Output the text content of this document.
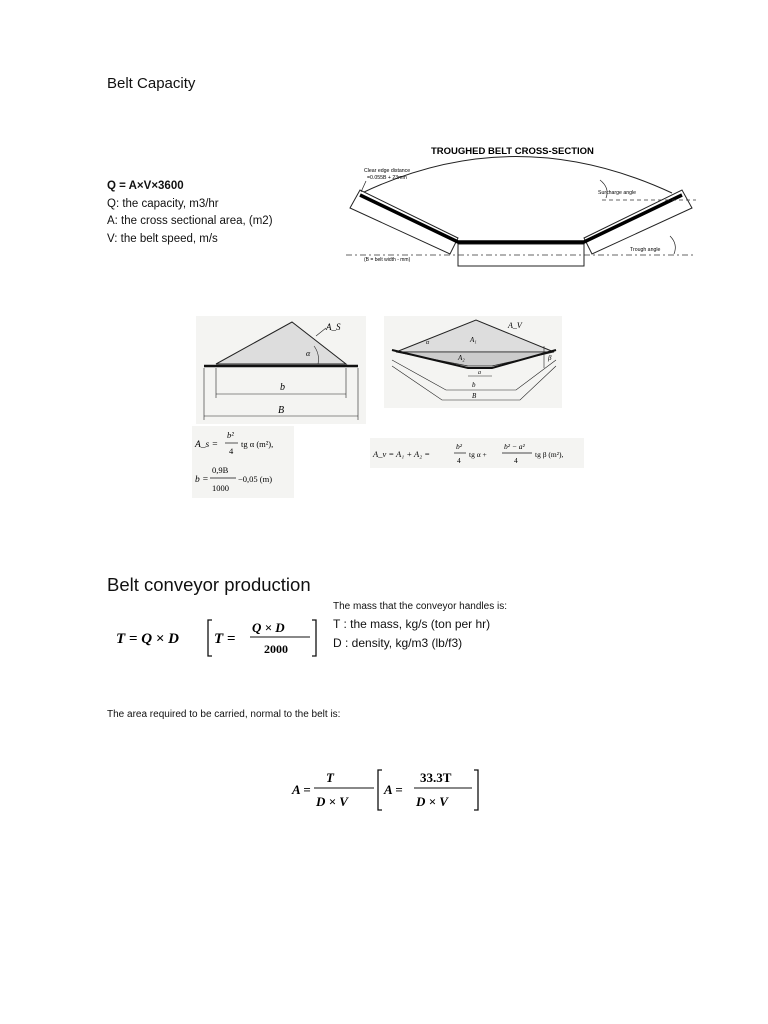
Belt Capacity
Q = A×V×3600
Q: the capacity, m3/hr
A: the cross sectional area, (m2)
V: the belt speed, m/s
TROUGHED BELT CROSS-SECTION
Clear edge distance
=0.055B + 23mm
Surcharge angle
Trough angle
(B = belt width - mm)
A_S
α
b
B
A_V
A₁
A₂
α
β
a
b
B
A_s =
b²
4
tg α (m²),
b =
0,9B
1000
−0,05 (m)
A_v = A₁ + A₂ =
b²
4
tg α +
b² − a²
4
tg β (m²),
Belt conveyor production
T = Q × D T =
Q × D
2000
The mass that the conveyor handles is:
T : the mass, kg/s (ton per hr)
D : density, kg/m3 (lb/f3)
The area required to be carried, normal to the belt is:
A =
T
D × V
A =
33.3T
D × V
